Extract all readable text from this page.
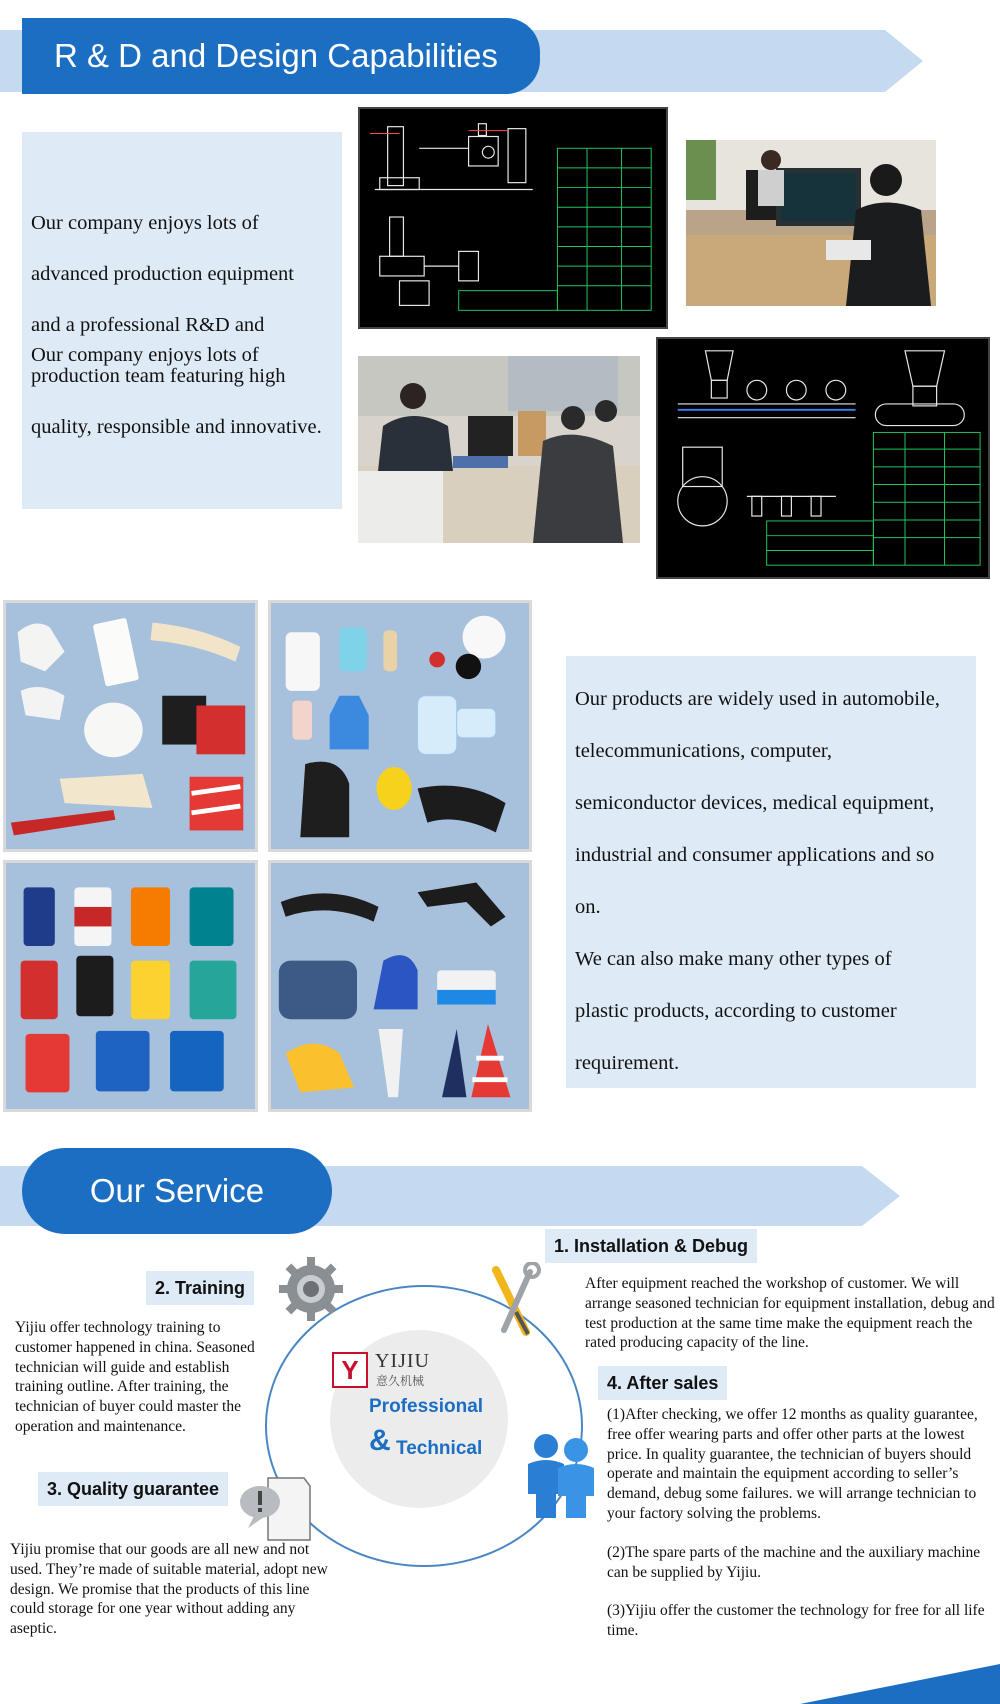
R & D and Design Capabilities

Our company enjoys lots of

Our company enjoys lots of

advanced production equipment

and a professional R&D and

production team featuring high

quality, responsible and innovative.

Our products are widely used in automobile,

telecommunications, computer,

semiconductor devices, medical equipment,

industrial and consumer applications and so

on.

We can also make many other types of

plastic products, according to customer

requirement.

Our Service
Y YIJIU
意久机械
Professional
& Technical
1. Installation & Debug

After equipment reached the workshop of customer. We will arrange seasoned technician for equipment installation, debug and test production at the same time make the equipment reach the rated producing capacity of the line.

2. Training

Yijiu offer technology training to customer happened in china. Seasoned technician will guide and establish training outline. After training, the technician of buyer could master the operation and maintenance.

3. Quality guarantee

Yijiu promise that our goods are all new and not used. They’re made of suitable material, adopt new design. We promise that the products of this line could storage for one year without adding any aseptic.

4. After sales

(1)After checking, we offer 12 months as quality guarantee, free offer wearing parts and offer other parts at the lowest price. In quality guarantee, the technician of buyers should operate and maintain the equipment according to seller’s demand, debug some failures. we will arrange technician to your factory solving the problems.

(2)The spare parts of the machine and the auxiliary machine can be supplied by Yijiu.

(3)Yijiu offer the customer the technology for free for all life time.
